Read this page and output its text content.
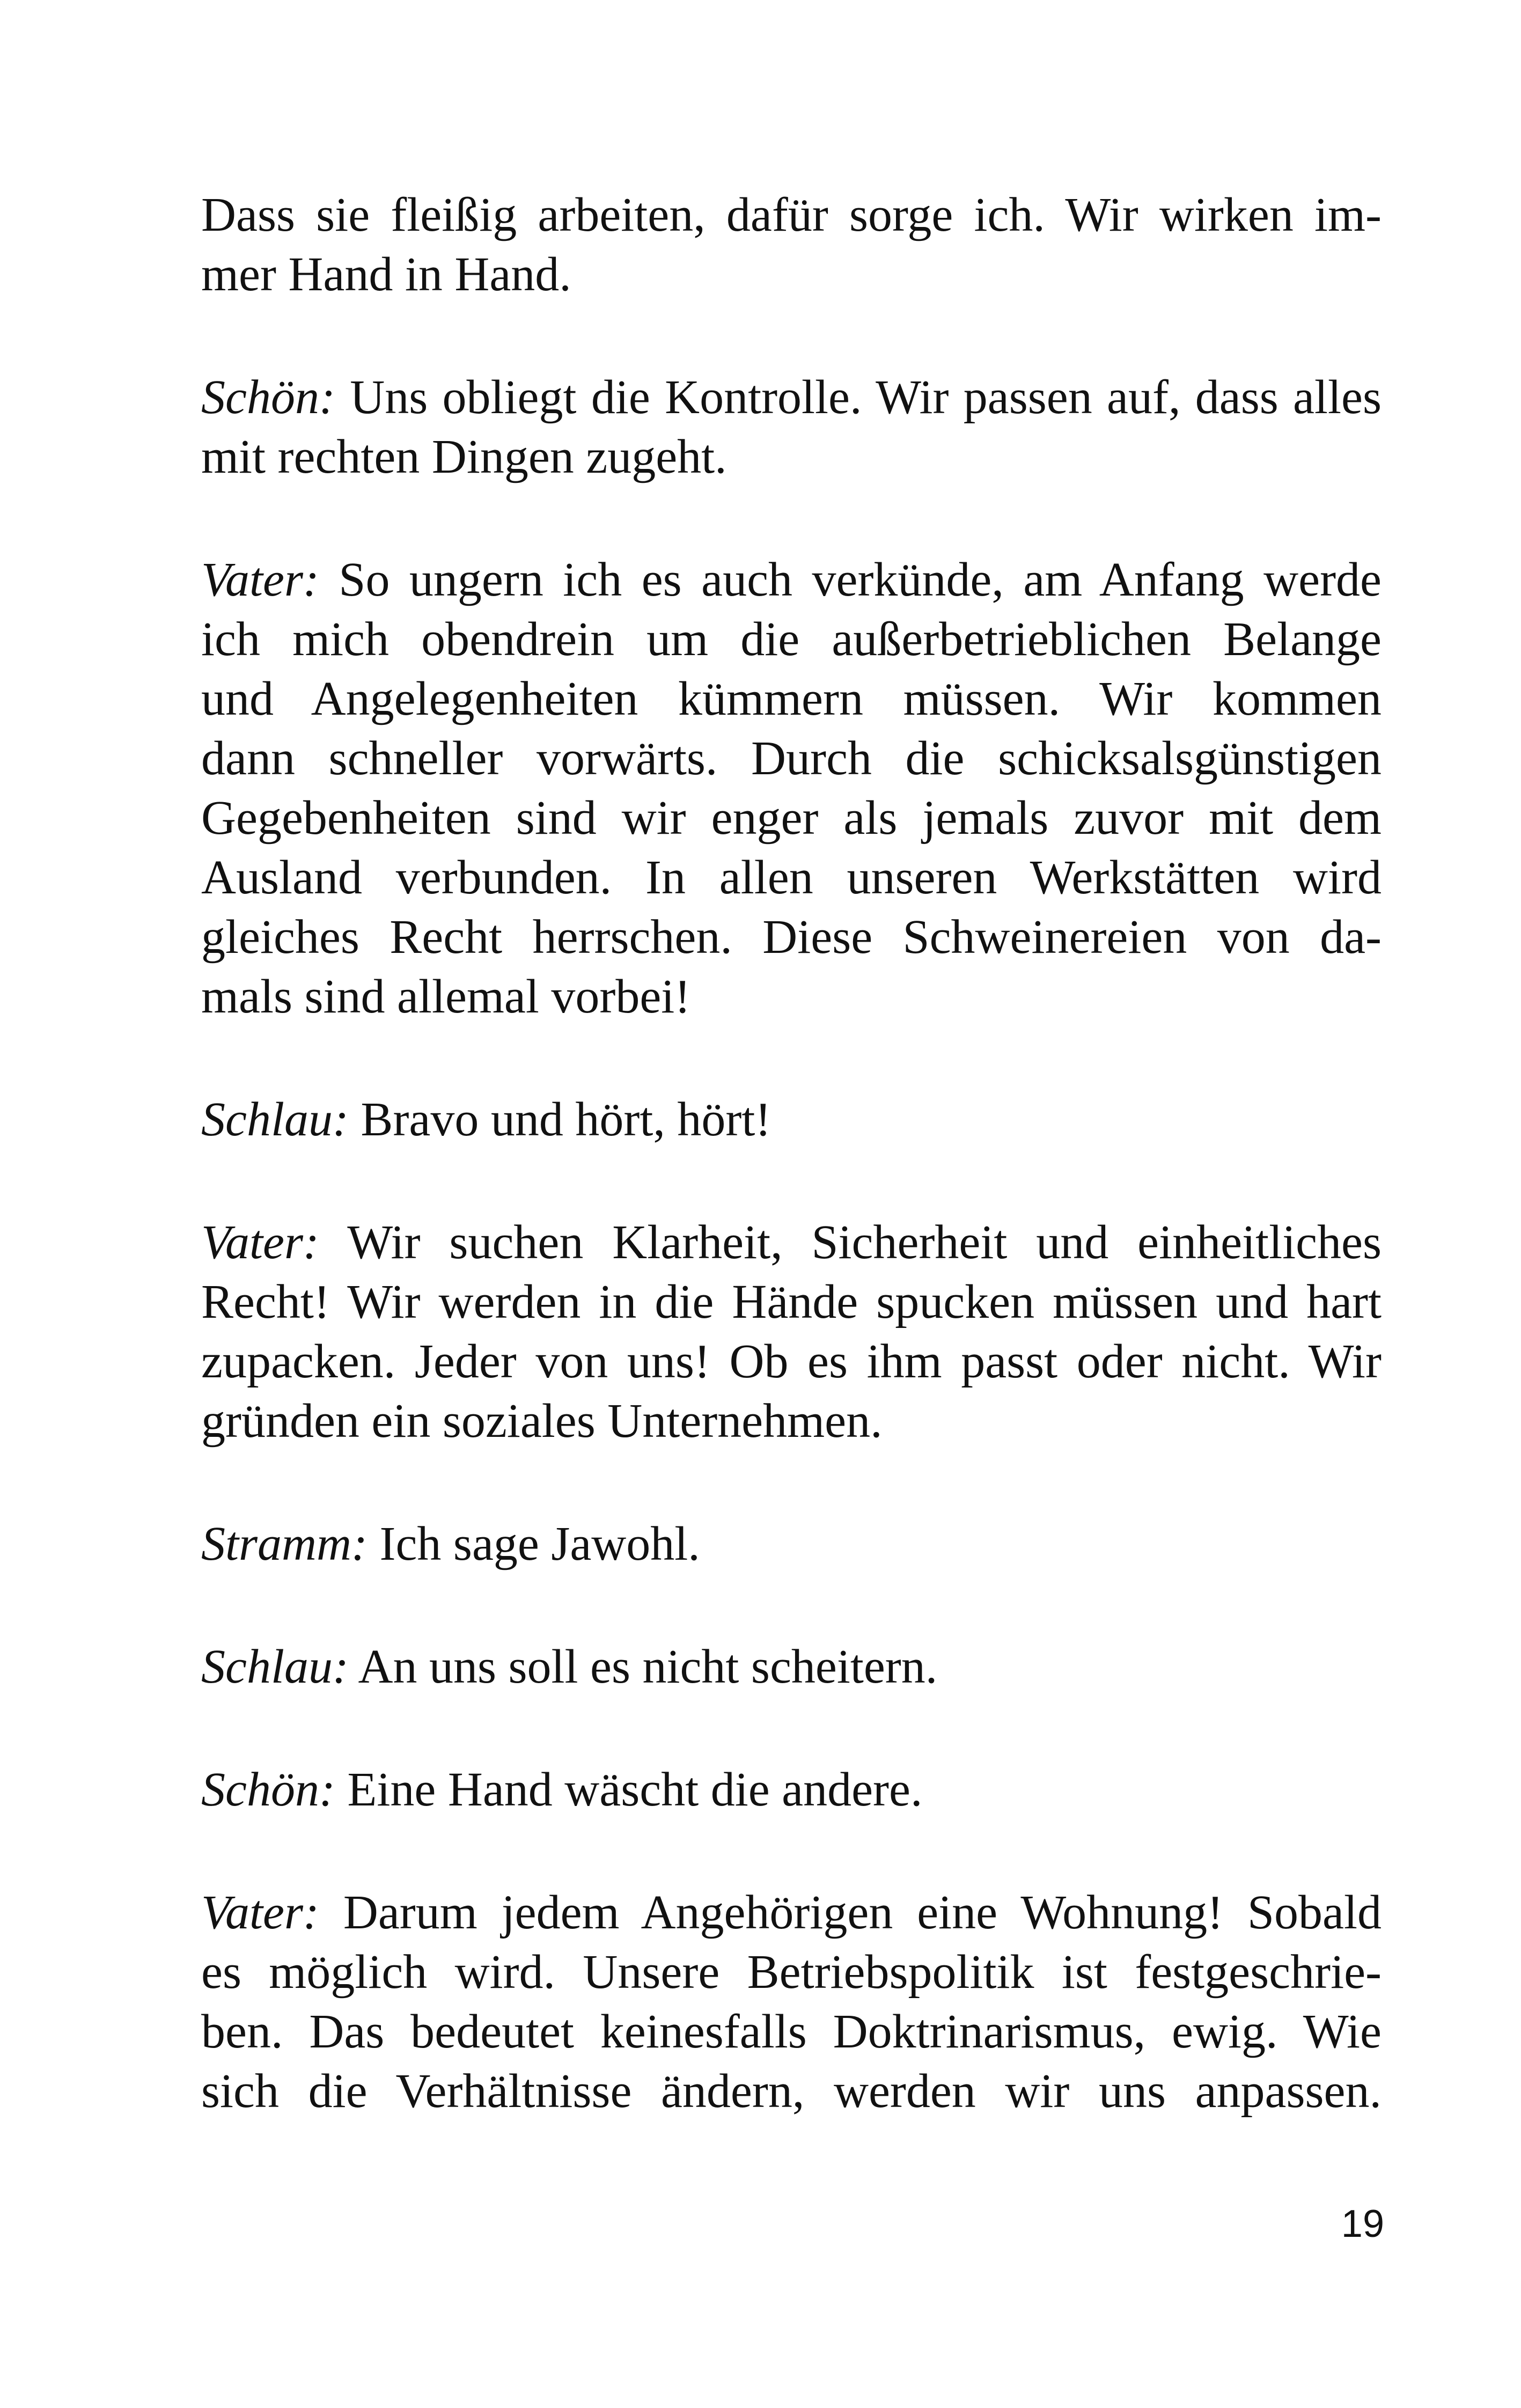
Dass sie fleißig arbeiten, dafür sorge ich. Wir wirken im-
mer Hand in Hand.

Schön: Uns obliegt die Kontrolle. Wir passen auf, dass alles
mit rechten Dingen zugeht.

Vater: So ungern ich es auch verkünde, am Anfang werde
ich mich obendrein um die außerbetrieblichen Belange
und Angelegenheiten kümmern müssen. Wir kommen
dann schneller vorwärts. Durch die schicksalsgünstigen
Gegebenheiten sind wir enger als jemals zuvor mit dem
Ausland verbunden. In allen unseren Werkstätten wird
gleiches Recht herrschen. Diese Schweinereien von da-
mals sind allemal vorbei!

Schlau: Bravo und hört, hört!

Vater: Wir suchen Klarheit, Sicherheit und einheitliches
Recht! Wir werden in die Hände spucken müssen und hart
zupacken. Jeder von uns! Ob es ihm passt oder nicht. Wir
gründen ein soziales Unternehmen.

Stramm: Ich sage Jawohl.

Schlau: An uns soll es nicht scheitern.

Schön: Eine Hand wäscht die andere.

Vater: Darum jedem Angehörigen eine Wohnung! Sobald
es möglich wird. Unsere Betriebspolitik ist festgeschrie-
ben. Das bedeutet keinesfalls Doktrinarismus, ewig. Wie
sich die Verhältnisse ändern, werden wir uns anpassen.

19
